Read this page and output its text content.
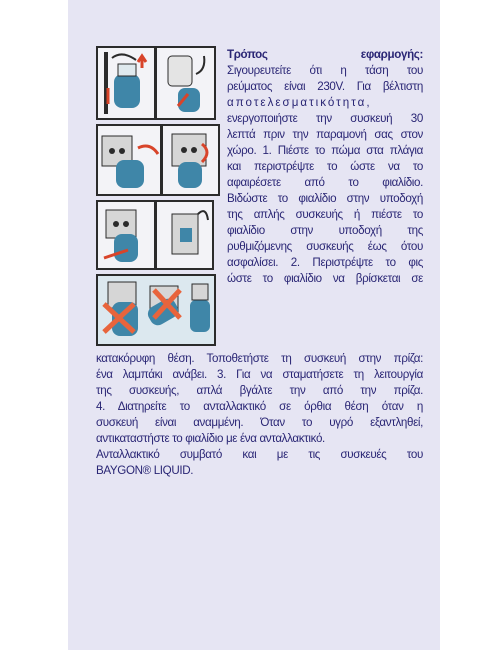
Τρόπος	εφαρμογής:
Σιγουρευτείτε ότι η τάση του
ρεύματος είναι 230V. Για βέλτιστη
αποτελεσματικότητα,
ενεργοποιήστε την συσκευή 30
λεπτά πριν την παραμονή σας στον
χώρο. 1. Πιέστε το πώμα στα πλάγια
και περιστρέψτε το ώστε να το
αφαιρέσετε από το φιαλίδιο.
Βιδώστε το φιαλίδιο στην υποδοχή
της απλής συσκευής ή πιέστε το
φιαλίδιο στην υποδοχή της
ρυθμιζόμενης συσκευής έως ότου
ασφαλίσει. 2. Περιστρέψτε το φις
ώστε το φιαλίδιο να βρίσκεται σε
κατακόρυφη θέση. Τοποθετήστε τη συσκευή στην πρίζα:
ένα λαμπάκι ανάβει. 3. Για να σταματήσετε τη λειτουργία
της συσκευής, απλά βγάλτε την από την πρίζα.
4. Διατηρείτε το ανταλλακτικό σε όρθια θέση όταν η
συσκευή είναι αναμμένη. Όταν το υγρό εξαντληθεί,
αντικαταστήστε το φιαλίδιο με ένα ανταλλακτικό.
Ανταλλακτικό συμβατό και με τις συσκευές του
BAYGON® LIQUID.
